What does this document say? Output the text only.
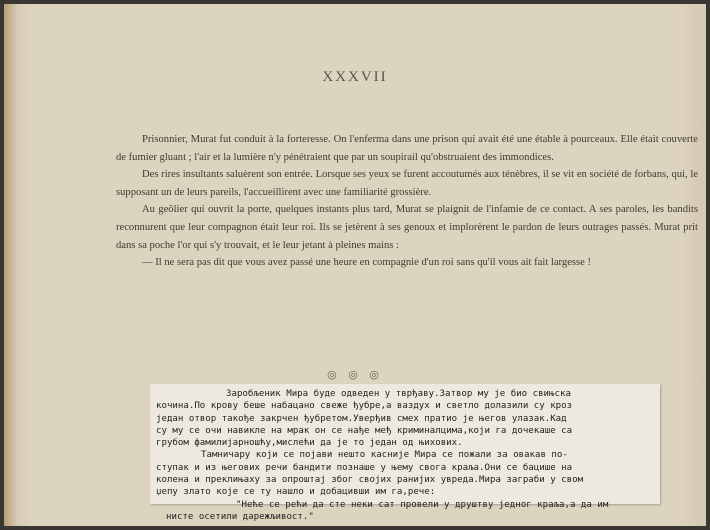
XXXVII

Prisonnier, Murat fut conduit à la forteresse. On l'enferma dans une prison qui avait été une étable à pourceaux. Elle était couverte de fumier gluant ; l'air et la lumière n'y pénétraient que par un soupirail qu'obstruaient des immondices.

Des rires insultants saluèrent son entrée. Lorsque ses yeux se furent accoutumés aux ténèbres, il se vit en société de forbans, qui, le supposant un de leurs pareils, l'accueillirent avec une familiarité grossière.

Au geôlier qui ouvrit la porte, quelques instants plus tard, Murat se plaignit de l'infamie de ce contact. A ses paroles, les bandits reconnurent que leur compagnon était leur roi. Ils se jetèrent à ses genoux et implorèrent le pardon de leurs outrages passés. Murat prit dans sa poche l'or qui s'y trouvait, et le leur jetant à pleines mains :

— Il ne sera pas dit que vous avez passé une heure en compagnie d'un roi sans qu'il vous ait fait largesse !

◎ ◎ ◎
Заробљеник Мира буде одведен у тврђаву.Затвор му је био свињска
кочина.По крову беше набацано свеже ђубре,а ваздух и светло долазили су кроз
један отвор такође закрчен ђубретом.Уверђив смех пратио је његов улазак.Кад
су му се очи навикле на мрак он се нађе међ криминалцима,који га дочекаше са
грубом фамилијарношћу,мислећи да је то један од њихових.
Тамничару који се појави нешто касније Мира се пожали за овакав по-
ступак и из његових речи бандити познаше у њему свога краља.Они се бацише на
колена и преклињаху за опроштај због својих ранијих увреда.Мира заграби у свом
џепу злато које се ту нашло и добацивши им га,рече:
"Неће се рећи да сте неки сат провели у друштву једног краља,а да им
нисте осетили дарежљивост."
